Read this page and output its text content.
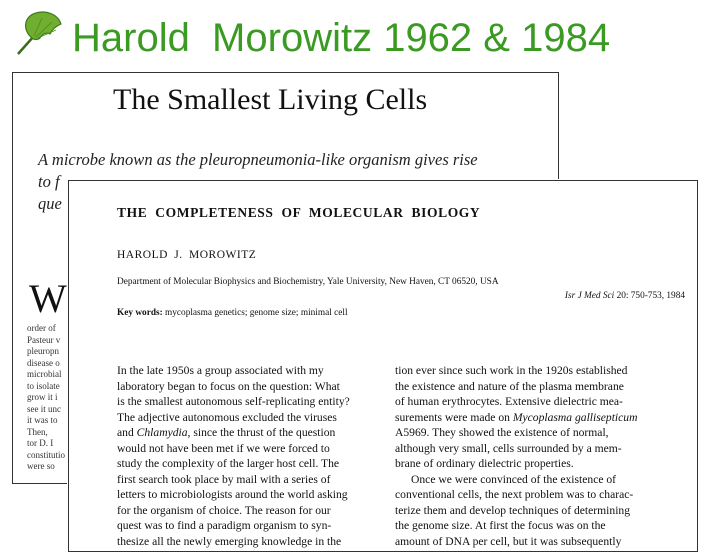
Harold  Morowitz 1962 & 1984
The Smallest Living Cells
A microbe known as the pleuropneumonia-like organism gives rise
to f
que
W
order of
Pasteur v
pleuropn
disease o
microbial
to isolate
grow it i
see it unc
it was to
Then,
tor D. I
constitutio
were so
THE COMPLETENESS OF MOLECULAR BIOLOGY
HAROLD J. MOROWITZ
Department of Molecular Biophysics and Biochemistry, Yale University, New Haven, CT 06520, USA
Isr J Med Sci 20: 750-753, 1984
Key words: mycoplasma genetics; genome size; minimal cell
In the late 1950s a group associated with my
laboratory began to focus on the question: What
is the smallest autonomous self-replicating entity?
The adjective autonomous excluded the viruses
and Chlamydia, since the thrust of the question
would not have been met if we were forced to
study the complexity of the larger host cell. The
first search took place by mail with a series of
letters to microbiologists around the world asking
for the organism of choice. The reason for our
quest was to find a paradigm organism to syn-
thesize all the newly emerging knowledge in the
tion ever since such work in the 1920s established
the existence and nature of the plasma membrane
of human erythrocytes. Extensive dielectric mea-
surements were made on Mycoplasma gallisepticum
A5969. They showed the existence of normal,
although very small, cells surrounded by a mem-
brane of ordinary dielectric properties.
Once we were convinced of the existence of
conventional cells, the next problem was to charac-
terize them and develop techniques of determining
the genome size. At first the focus was on the
amount of DNA per cell, but it was subsequently
